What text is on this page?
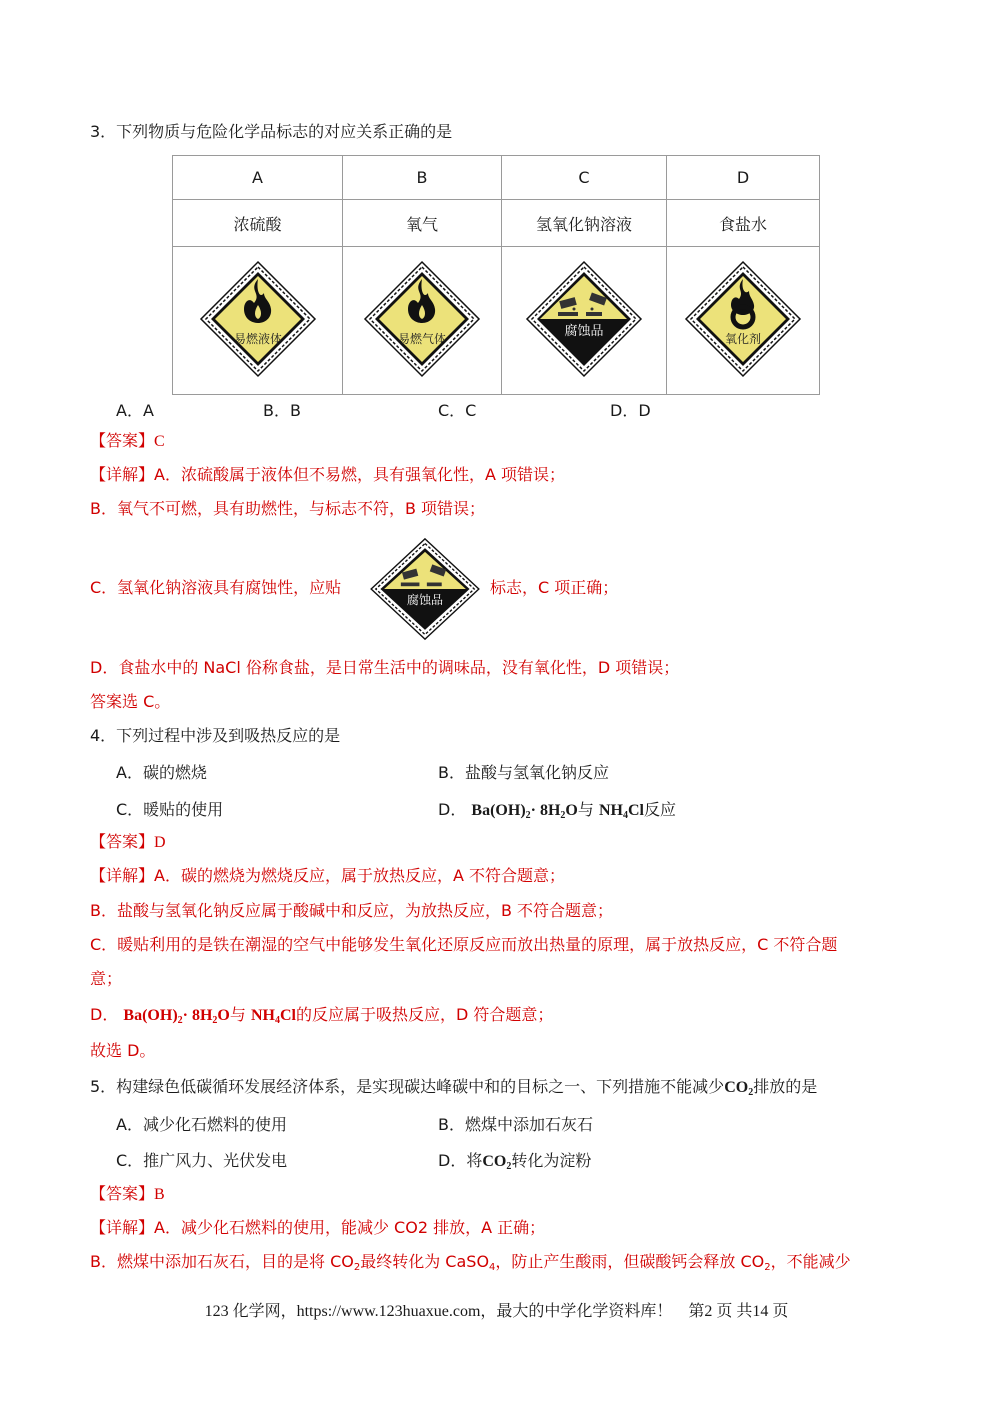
3．下列物质与危险化学品标志的对应关系正确的是
A	B	C	D
浓硫酸	氧气	氢氧化钠溶液	食盐水

易燃液体	易燃气体	腐蚀品	氧化剂
A．A	B．B	C．C	D．D
【答案】C
【详解】A．浓硫酸属于液体但不易燃，具有强氧化性，A 项错误；
B．氧气不可燃，具有助燃性，与标志不符，B 项错误；
C．氢氧化钠溶液具有腐蚀性，应贴
腐蚀品
标志，C 项正确；
D．食盐水中的 NaCl 俗称食盐，是日常生活中的调味品，没有氧化性，D 项错误；
答案选 C。
4．下列过程中涉及到吸热反应的是
A．碳的燃烧	B．盐酸与氢氧化钠反应
C．暖贴的使用	D． $Ba(OH)_2\cdot 8H_2O$与 $NH_4Cl$反应
【答案】D
【详解】A．碳的燃烧为燃烧反应，属于放热反应，A 不符合题意；
B．盐酸与氢氧化钠反应属于酸碱中和反应，为放热反应，B 不符合题意；
C．暖贴利用的是铁在潮湿的空气中能够发生氧化还原反应而放出热量的原理，属于放热反应，C 不符合题
意；
D． $Ba(OH)_2\cdot 8H_2O$与 $NH_4Cl$的反应属于吸热反应，D 符合题意；
故选 D。
5．构建绿色低碳循环发展经济体系，是实现碳达峰碳中和的目标之一、下列措施不能减少$CO_2$排放的是
A．减少化石燃料的使用	B．燃煤中添加石灰石
C．推广风力、光伏发电	D．将$CO_2$转化为淀粉
【答案】B
【详解】A．减少化石燃料的使用，能减少 CO2 排放，A 正确；
B．燃煤中添加石灰石，目的是将 $CO_2$最终转化为 CaSO$_4$，防止产生酸雨，但碳酸钙会释放 $CO_2$，不能减少
123 化学网，https://www.123huaxue.com，最大的中学化学资料库！　第2 页 共14 页
